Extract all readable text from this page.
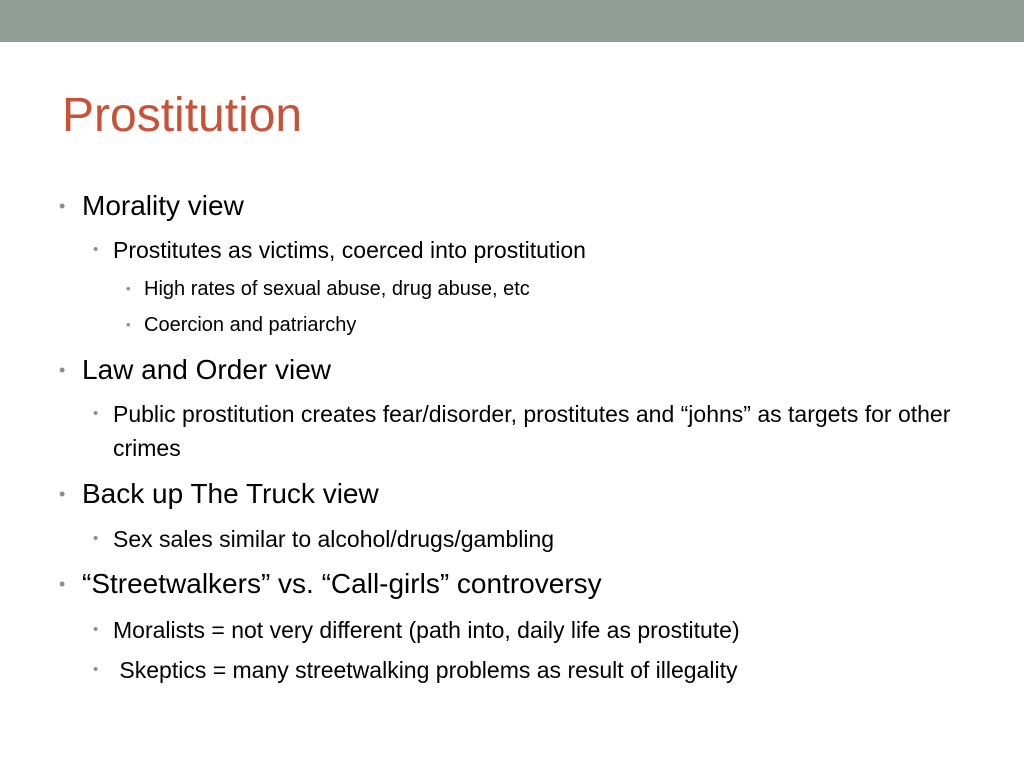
Prostitution
• Morality view
• Prostitutes as victims, coerced into prostitution
• High rates of sexual abuse, drug abuse, etc
• Coercion and patriarchy
• Law and Order view
• Public prostitution creates fear/disorder, prostitutes and “johns” as targets for other crimes
• Back up The Truck view
• Sex sales similar to alcohol/drugs/gambling
• “Streetwalkers” vs. “Call-girls” controversy
• Moralists = not very different (path into, daily life as prostitute)
• Skeptics = many streetwalking problems as result of illegality
